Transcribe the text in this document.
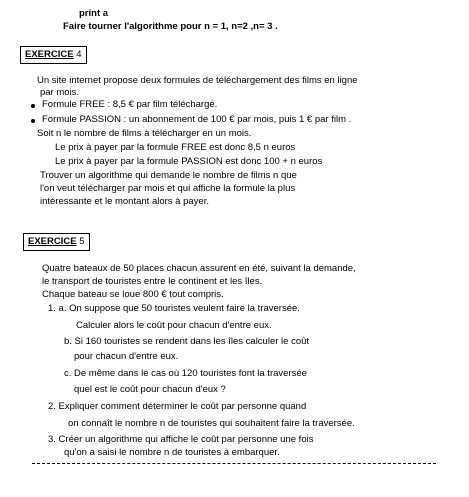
print a
Faire tourner l'algorithme pour n = 1, n=2 ,n= 3 .
EXERCICE 4
Un site internet propose deux formules de téléchargement des films en ligne
par mois.
Formule FREE : 8,5 € par film téléchargé.
Formule PASSION : un abonnement de 100 € par mois, puis 1 € par film .
Soit n le nombre de films à télécharger en un mois.
Le prix à payer par la formule FREE est donc 8,5 n euros
Le prix à payer par la formule PASSION est donc 100 + n euros
Trouver un algorithme qui demande le nombre de films n que
l'on veut télécharger par mois et qui affiche la formule la plus
intéressante et le montant alors à payer.
EXERCICE 5
Quatre bateaux de 50 places chacun assurent en été, suivant la demande,
le transport de touristes entre le continent et les îles.
Chaque bateau se loue 800 € tout compris.
1. a. On suppose que 50 touristes veulent faire la traversée.
Calculer alors le coût pour chacun d'entre eux.
b. Si 160 touristes se rendent dans les îles calculer le coût
pour chacun d'entre eux.
c. De même dans le cas où 120 touristes font la traversée
quel est le coût pour chacun d'eux ?
2. Expliquer comment déterminer le coût par personne quand
on connaît le nombre n de touristes qui souhaitent faire la traversée.
3. Créer un algorithme qui affiche le coût par personne une fois
qu'on a saisi le nombre n de touristes à embarquer.
